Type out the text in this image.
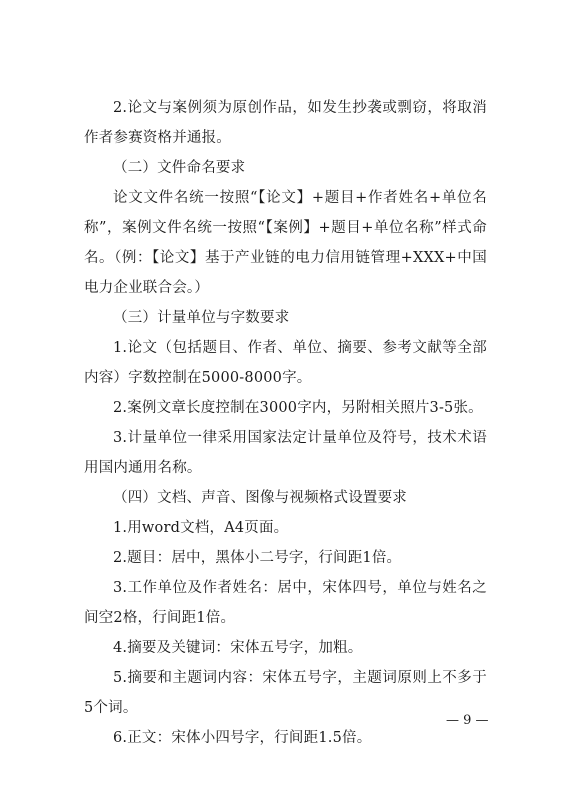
2.论文与案例须为原创作品，如发生抄袭或剽窃，将取消作者参赛资格并通报。

（二）文件命名要求

论文文件名统一按照“【论文】+题目+作者姓名+单位名称”，案例文件名统一按照“【案例】+题目+单位名称”样式命名。（例：【论文】基于产业链的电力信用链管理+XXX+中国电力企业联合会。）

（三）计量单位与字数要求

1.论文（包括题目、作者、单位、摘要、参考文献等全部内容）字数控制在5000-8000字。

2.案例文章长度控制在3000字内，另附相关照片3-5张。

3.计量单位一律采用国家法定计量单位及符号，技术术语用国内通用名称。

（四）文档、声音、图像与视频格式设置要求

1.用word文档，A4页面。

2.题目：居中，黑体小二号字，行间距1倍。

3.工作单位及作者姓名：居中，宋体四号，单位与姓名之间空2格，行间距1倍。

4.摘要及关键词：宋体五号字，加粗。

5.摘要和主题词内容：宋体五号字，主题词原则上不多于5个词。

6.正文：宋体小四号字，行间距1.5倍。

— 9 —
